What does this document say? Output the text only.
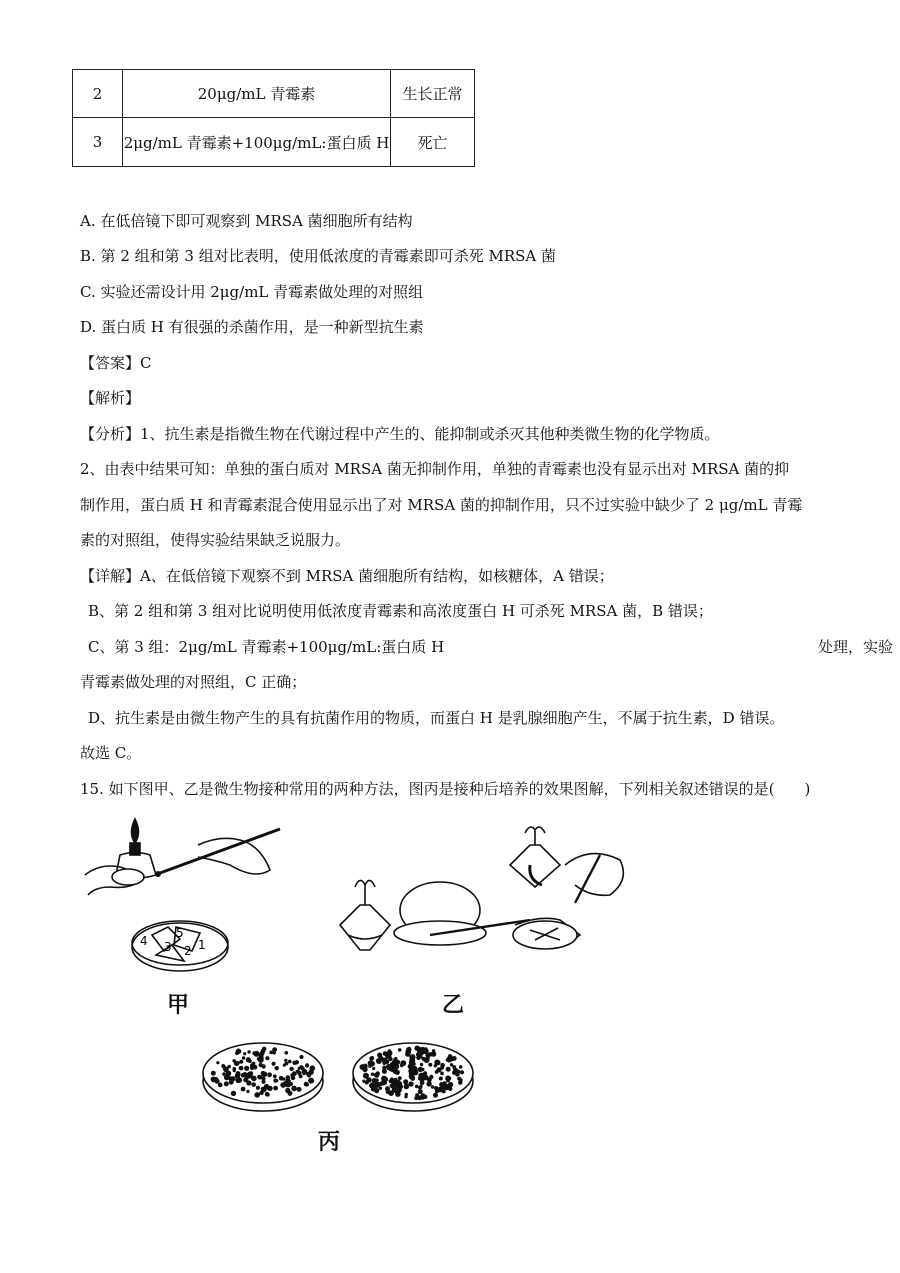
2	20μg/mL 青霉素	生长正常
3	2μg/mL 青霉素+100μg/mL:蛋白质 H	死亡
A. 在低倍镜下即可观察到 MRSA 菌细胞所有结构
B. 第 2 组和第 3 组对比表明，使用低浓度的青霉素即可杀死 MRSA 菌
C. 实验还需设计用 2μg/mL 青霉素做处理的对照组
D. 蛋白质 H 有很强的杀菌作用，是一种新型抗生素
【答案】C
【解析】
【分析】1、抗生素是指微生物在代谢过程中产生的、能抑制或杀灭其他种类微生物的化学物质。
2、由表中结果可知：单独的蛋白质对 MRSA 菌无抑制作用，单独的青霉素也没有显示出对 MRSA 菌的抑
制作用，蛋白质 H 和青霉素混合使用显示出了对 MRSA 菌的抑制作用，只不过实验中缺少了 2 μg/mL 青霉
素的对照组，使得实验结果缺乏说服力。
【详解】A、在低倍镜下观察不到 MRSA 菌细胞所有结构，如核糖体，A 错误；
B、第 2 组和第 3 组对比说明使用低浓度青霉素和高浓度蛋白 H 可杀死 MRSA 菌，B 错误；
C、第 3 组：2μg/mL 青霉素+100μg/mL:蛋白质 H	处理，实验
青霉素做处理的对照组，C 正确；
D、抗生素是由微生物产生的具有抗菌作用的物质，而蛋白 H 是乳腺细胞产生，不属于抗生素，D 错误。
故选 C。
15. 如下图甲、乙是微生物接种常用的两种方法，图丙是接种后培养的效果图解，下列相关叙述错误的是(　　)
4 3 2
5
1
甲	乙
丙
